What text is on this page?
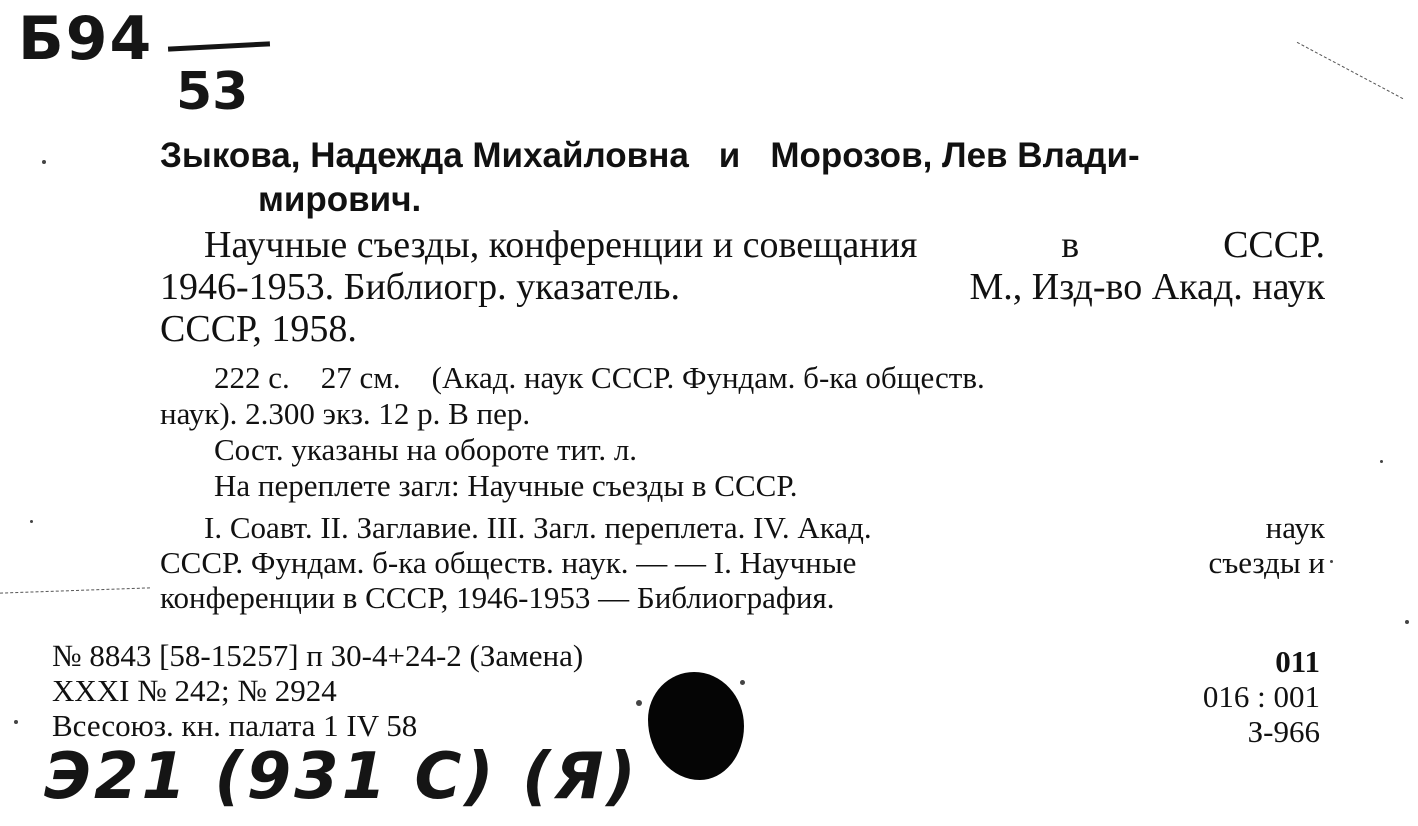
Б94
53
Зыкова, Надежда Михайловна и Морозов, Лев Влади-
мирович.
Научные съезды, конференции и совещания	в	СССР.
1946-1953. Библиогр. указатель.	М., Изд-во Акад. наук
СССР, 1958.
222 с.    27 см.    (Акад. наук СССР. Фундам. б-ка обществ.
наук). 2.300 экз. 12 р. В пер.
Сост. указаны на обороте тит. л.
На переплете загл: Научные съезды в СССР.
I. Соавт. II. Заглавие. III. Загл. переплета. IV. Акад.	наук
СССР. Фундам. б-ка обществ. наук. — — I. Научные	съезды и
конференции в СССР, 1946-1953 — Библиография.
№ 8843 [58-15257] п 30-4+24-2 (Замена)
XXXI № 242; № 2924
Всесоюз. кн. палата 1 IV 58
011
016 : 001
З-966
Э21 (931 С) (Я)
